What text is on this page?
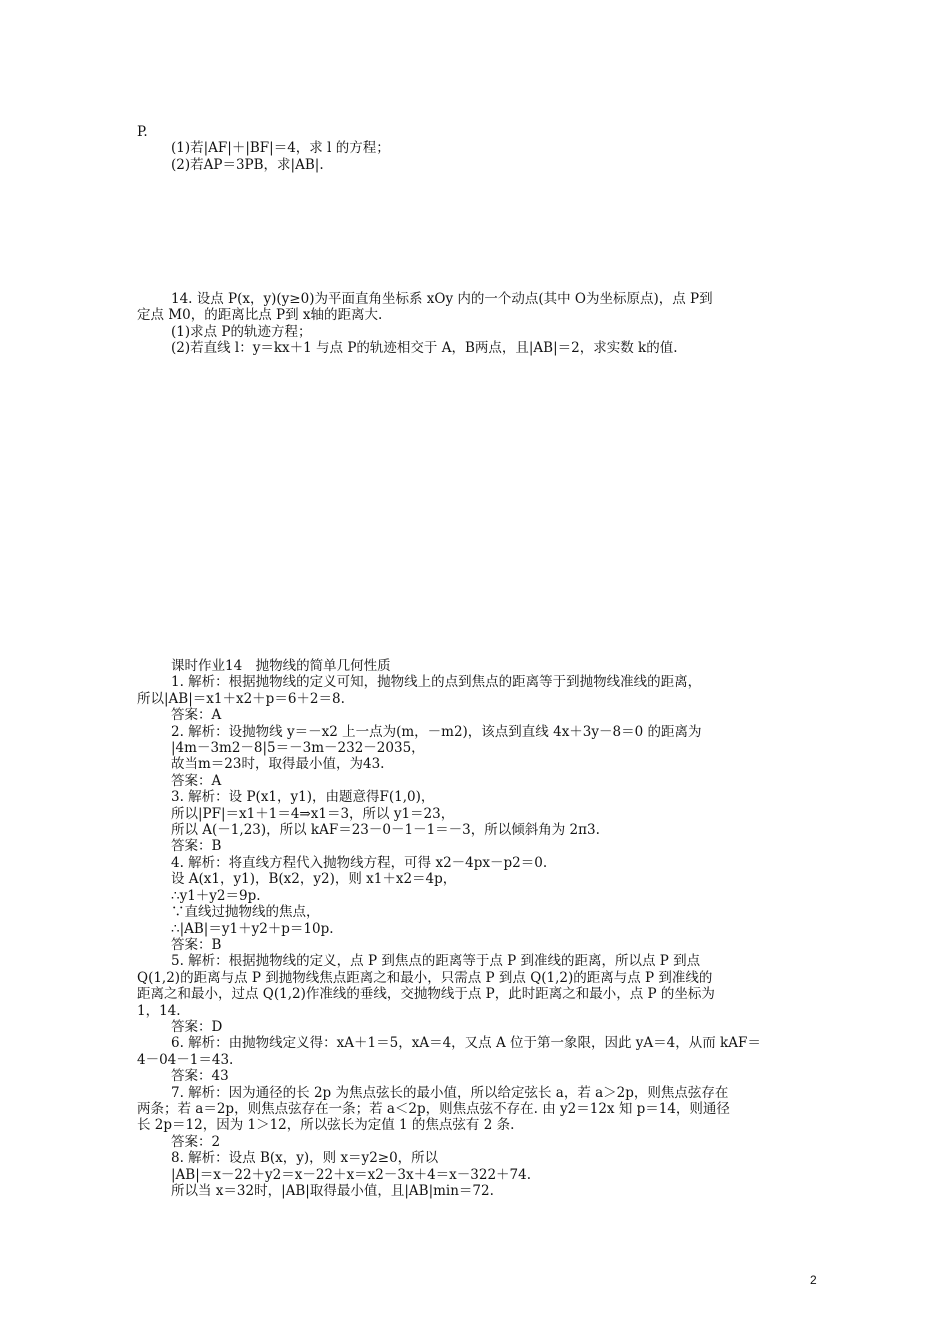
P.
(1)若|AF|＋|BF|＝4，求 l 的方程；
(2)若AP＝3PB，求|AB|.
14. 设点 P(x，y)(y≥0)为平面直角坐标系 xOy 内的一个动点(其中 O为坐标原点)，点 P到
定点 M0，的距离比点 P到 x轴的距离大.
(1)求点 P的轨迹方程；
(2)若直线 l：y＝kx＋1 与点 P的轨迹相交于 A，B两点，且|AB|＝2，求实数 k的值.
课时作业14　抛物线的简单几何性质
1. 解析：根据抛物线的定义可知，抛物线上的点到焦点的距离等于到抛物线准线的距离，
所以|AB|＝x1＋x2＋p＝6＋2＝8.
答案：A
2. 解析：设抛物线 y＝－x2 上一点为(m，－m2)，该点到直线 4x＋3y－8＝0 的距离为
|4m－3m2－8|5＝－3m－232－2035，
故当m＝23时，取得最小值，为43.
答案：A
3. 解析：设 P(x1，y1)，由题意得F(1,0)，
所以|PF|＝x1＋1＝4⇒x1＝3，所以 y1＝23，
所以 A(－1,23)，所以 kAF＝23－0－1－1＝－3，所以倾斜角为 2π3.
答案：B
4. 解析：将直线方程代入抛物线方程，可得 x2－4px－p2＝0.
设 A(x1，y1)，B(x2，y2)，则 x1＋x2＝4p，
∴y1＋y2＝9p.
∵直线过抛物线的焦点，
∴|AB|＝y1＋y2＋p＝10p.
答案：B
5. 解析：根据抛物线的定义，点 P 到焦点的距离等于点 P 到准线的距离，所以点 P 到点
Q(1,2)的距离与点 P 到抛物线焦点距离之和最小，只需点 P 到点 Q(1,2)的距离与点 P 到准线的
距离之和最小，过点 Q(1,2)作准线的垂线，交抛物线于点 P，此时距离之和最小，点 P 的坐标为
1，14.
答案：D
6. 解析：由抛物线定义得：xA＋1＝5，xA＝4，又点 A 位于第一象限，因此 yA＝4，从而 kAF＝
4－04－1＝43.
答案：43
7. 解析：因为通径的长 2p 为焦点弦长的最小值，所以给定弦长 a，若 a＞2p，则焦点弦存在
两条；若 a＝2p，则焦点弦存在一条；若 a＜2p，则焦点弦不存在. 由 y2＝12x 知 p＝14，则通径
长 2p＝12，因为 1＞12，所以弦长为定值 1 的焦点弦有 2 条.
答案：2
8. 解析：设点 B(x，y)，则 x＝y2≥0，所以
|AB|＝x－22＋y2＝x－22＋x＝x2－3x＋4＝x－322＋74.
所以当 x＝32时，|AB|取得最小值，且|AB|min＝72.
2
